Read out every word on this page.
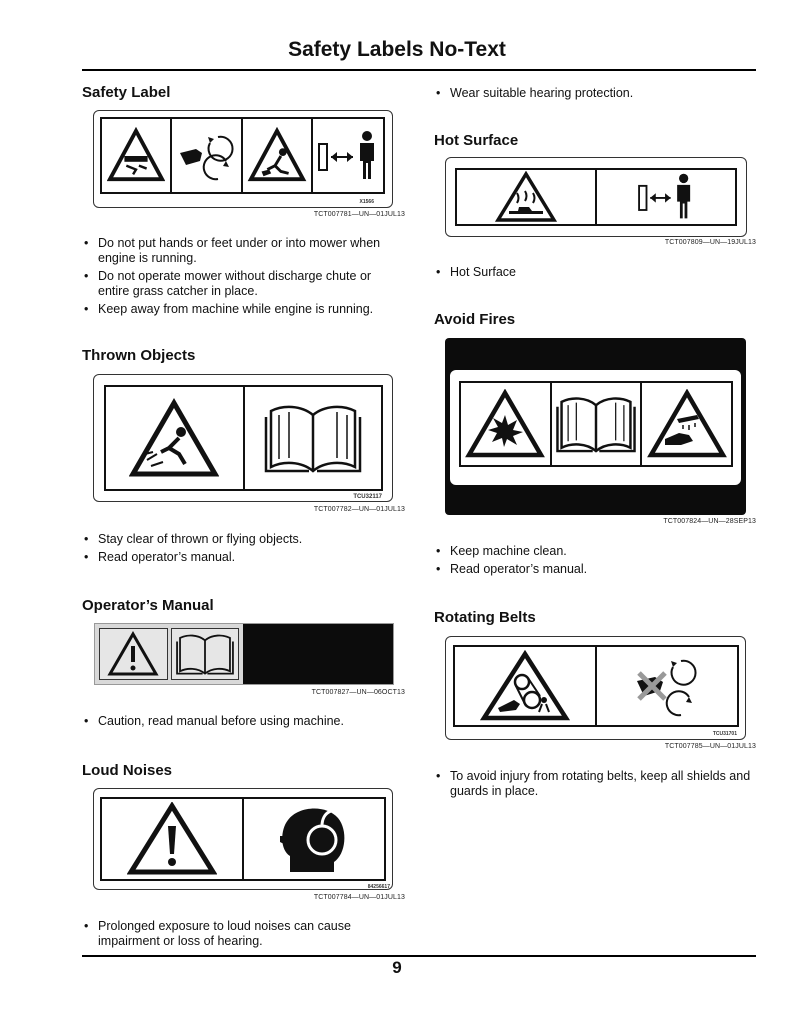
Safety Labels No-Text
Safety Label
X1566
TCT007781—UN—01JUL13
• Do not put hands or feet under or into mower when engine is running.
• Do not operate mower without discharge chute or entire grass catcher in place.
• Keep away from machine while engine is running.
Thrown Objects
TCU32117
TCT007782—UN—01JUL13
• Stay clear of thrown or flying objects.
• Read operator’s manual.
Operator’s Manual
TCT007827—UN—06OCT13
• Caution, read manual before using machine.
Loud Noises
84256617
TCT007784—UN—01JUL13
• Prolonged exposure to loud noises can cause impairment or loss of hearing.
• Wear suitable hearing protection.
Hot Surface
TCT007809—UN—19JUL13
• Hot Surface
Avoid Fires
TCT007824—UN—28SEP13
• Keep machine clean.
• Read operator’s manual.
Rotating Belts
TCU31701
TCT007785—UN—01JUL13
• To avoid injury from rotating belts, keep all shields and guards in place.
9
